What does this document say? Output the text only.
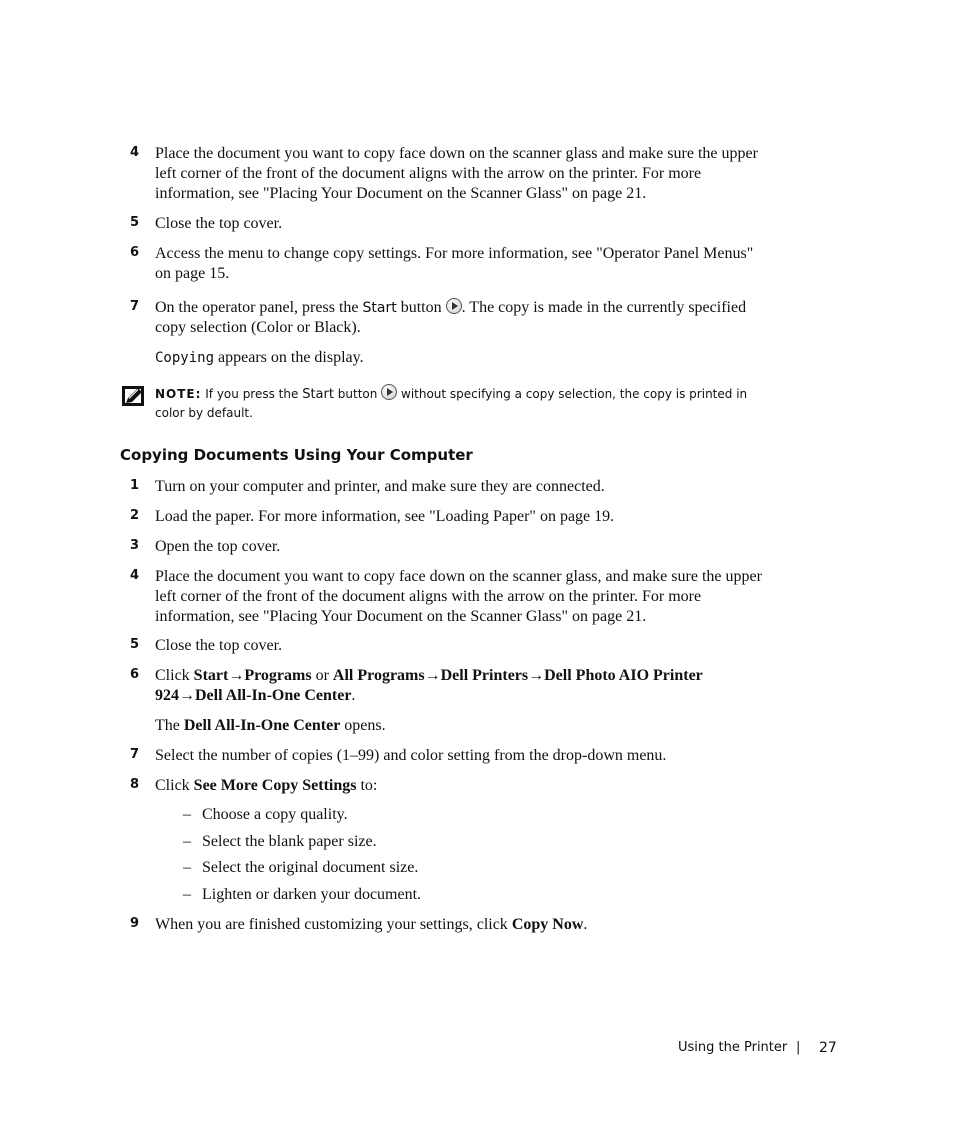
4 Place the document you want to copy face down on the scanner glass and make sure the upper left corner of the front of the document aligns with the arrow on the printer. For more information, see "Placing Your Document on the Scanner Glass" on page 21.
5 Close the top cover.
6 Access the menu to change copy settings. For more information, see "Operator Panel Menus" on page 15.
7 On the operator panel, press the Start button . The copy is made in the currently specified copy selection (Color or Black).
Copying appears on the display.
NOTE: If you press the Start button  without specifying a copy selection, the copy is printed in color by default.
Copying Documents Using Your Computer
1 Turn on your computer and printer, and make sure they are connected.
2 Load the paper. For more information, see "Loading Paper" on page 19.
3 Open the top cover.
4 Place the document you want to copy face down on the scanner glass, and make sure the upper left corner of the front of the document aligns with the arrow on the printer. For more information, see "Placing Your Document on the Scanner Glass" on page 21.
5 Close the top cover.
6 Click Start→Programs or All Programs→Dell Printers→Dell Photo AIO Printer 924→Dell All-In-One Center.
The Dell All-In-One Center opens.
7 Select the number of copies (1–99) and color setting from the drop-down menu.
8 Click See More Copy Settings to:
– Choose a copy quality.
– Select the blank paper size.
– Select the original document size.
– Lighten or darken your document.
9 When you are finished customizing your settings, click Copy Now.
Using the Printer | 27
